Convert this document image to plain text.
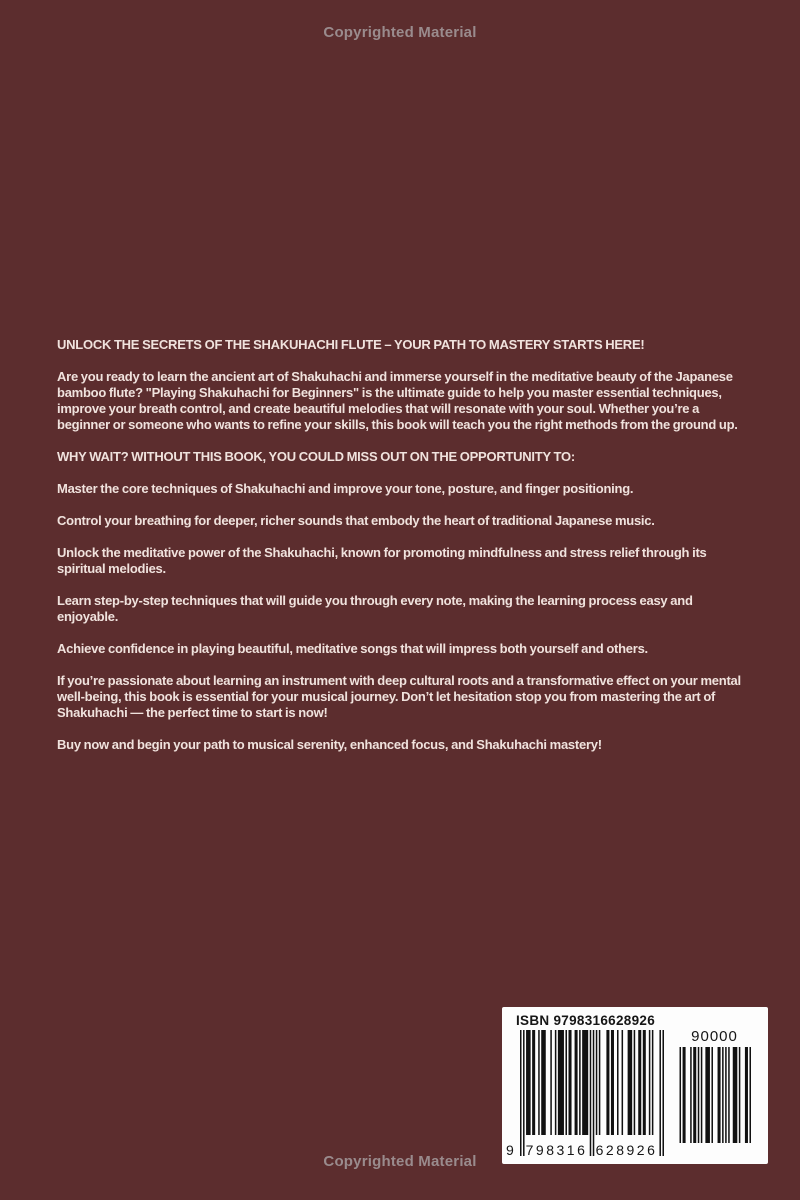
Copyrighted Material

UNLOCK THE SECRETS OF THE SHAKUHACHI FLUTE – YOUR PATH TO MASTERY STARTS HERE!

Are you ready to learn the ancient art of Shakuhachi and immerse yourself in the meditative beauty of the Japanese bamboo flute? "Playing Shakuhachi for Beginners" is the ultimate guide to help you master essential techniques, improve your breath control, and create beautiful melodies that will resonate with your soul. Whether you’re a beginner or someone who wants to refine your skills, this book will teach you the right methods from the ground up.

WHY WAIT? WITHOUT THIS BOOK, YOU COULD MISS OUT ON THE OPPORTUNITY TO:

Master the core techniques of Shakuhachi and improve your tone, posture, and finger positioning.

Control your breathing for deeper, richer sounds that embody the heart of traditional Japanese music.

Unlock the meditative power of the Shakuhachi, known for promoting mindfulness and stress relief through its spiritual melodies.

Learn step-by-step techniques that will guide you through every note, making the learning process easy and enjoyable.

Achieve confidence in playing beautiful, meditative songs that will impress both yourself and others.

If you’re passionate about learning an instrument with deep cultural roots and a transformative effect on your mental well-being, this book is essential for your musical journey. Don’t let hesitation stop you from mastering the art of Shakuhachi — the perfect time to start is now!

Buy now and begin your path to musical serenity, enhanced focus, and Shakuhachi mastery!

ISBN 9798316628926
9 798316 628926
90000
Copyrighted Material
